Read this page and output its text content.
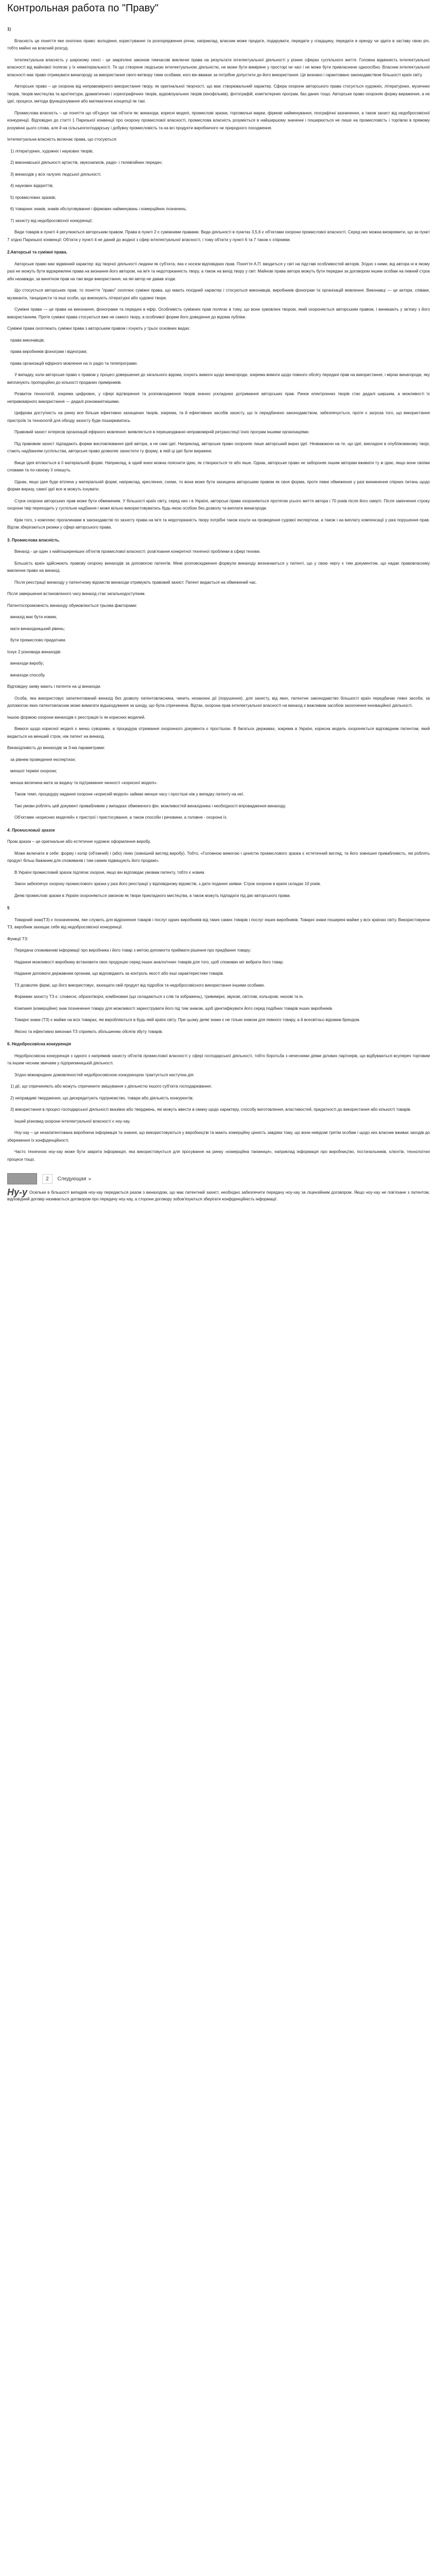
Контрольная работа по "Праву"

1)

Власність це поняття яке охоплює право: володіння, користування та розпорядження річчю, наприклад, власник може продати, подарувати, передати у спадщину, передати в оренду чи здати в заставу свою річ, тобто майно на власний розсуд.

Інтелектуальна власність у широкому сенсі - це закріплені законом тимчасові виключні права на результати інтелектуальної діяльності у різних сферах суспільного життя. Головна відмінність інтелектуальної власності від майнової полягає у їх нематеріальності. Те що створене людською інтелектуальною діяльністю, не може бути виміряне у просторі чи часі і не може бути привласнене одноосібно. Власник інтелектуальної власності має право отримувати винагороду за використання свого витвору тими особами, кого він вважає за потрібне допустити до його використання. Це визнано і гарантовано законодавством більшості країн світу.

Авторське право – це охорона від неправомірного використання твору, як оригінальної творчості, що має створювальний характер. Сфера охорони авторського права стосується художніх, літературних, музичних творів, творів мистецтва та архітектури, драматичних і хореографічних творів, аудіовізуальних творів (кінофільмів), фотографій, комп'ютерних програм, баз даних тощо. Авторське право охороняє форму вираження, а не ідеї, процеси, методи функціонування або математичні концепції як такі.

Промислова власність – це поняття що об'єднує такі об'єкти як: винаходи, корисні моделі, промислові зразки, торговельні марки, фірмові найменування, географічні зазначення, а також захист від недобросовісної конкуренції. Відповідно до статті 1 Паризької конвенції про охорону промислової власності, промислова власність розуміється в найширшому значенні і поширюється не лише на промисловість і торгівлю в прямому розумінні цього слова, але й на сільськогосподарську і добувну промисловість та на всі продукти виробничого чи природного походження.

Інтелектуальна власність включає права, що стосуються:

1) літературних, художніх і наукових творів;

2) виконавської діяльності артистів, звукозаписів, радіо- і телевізійних передач;

3) винаходів у всіх галузях людської діяльності;

4) наукових відкриттів;

5) промислових зразків;

6) товарних знаків, знаків обслуговування і фірмових найменувань і комерційних позначень;

7) захисту від недобросовісної конкуренції;

Види товарів в пункті 4 регулюються авторським правом. Права в пункті 2 є суміжними правами. Види діяльності в пунктах 3,5,6 є об'єктами охорони промислової власності. Серед них можна виокремити, що за пункт 7 згідно Паризької конвенції: Об'єкти у пункті 4 не даний до жодної з сфер інтелектуальної власності, і тому об'єкти у пункті 6 та 7 також є спірними.

2.Авторські та суміжні права.

Авторське право має відмінний характер: від творчої діяльності людини як суб'єкта, яка є носієм відповідних прав. Поняття А.П. вводиться у світ на підставі особливостей авторів. Згідно з ними, від автора ні в якому разі не можуть бути відокремлені права на визнання його автором, на ім'я та недоторканність твору, а також на вихід твору у світ. Майнові права автора можуть бути передані за договором іншим особам на певний строк або назавжди, за винятком прав на такі види використання, на які автор не давав згоди.

Що стосується авторських прав, то поняття "право" охоплює суміжні права, що мають похідний характер і стосуються виконавців, виробників фонограм та організацій мовлення. Виконавці — це актори, співаки, музиканти, танцюристи та інші особи, що виконують літературні або художні твори.

Суміжні права — це права на виконання, фонограми та передачі в ефір. Особливість суміжних прав полягає в тому, що вони зумовлені твором, який охороняється авторським правом, і виникають у зв'язку з його використанням. Проте суміжні права стосуються вже не самого твору, а особливої форми його доведення до відома публіки.

Суміжні права охоплюють суміжні права з авторським правом і існують у трьох основних видах:

права виконавців;

права виробників фонограм і відеограм;

права організацій ефірного мовлення на їх радіо та телепрограми.

У випадку, коли авторське право є правом у процесі довершення до загального відома, існують вимоги щодо винагороди, зокрема вимоги щодо повного обсягу передачі прав на використання, і мірою винагороди, яку виплачують пропорційно до кількості проданих примірників.

Розвиток технологій, зокрема цифрових, у сфері відтворення та розповсюдження творів значно ускладнює дотримання авторських прав. Ринок електронних творів стає дедалі ширшим, а можливості їх неправомірного використання — дедалі різноманітнішими.

Цифрова доступність на ринку все більше ефективно захищених творів, зокрема, та й ефективних засобів захисту, що їх передбачено законодавством, забезпечується, проте є загроза того, що використання пристроїв та технологій для обходу захисту буде поширюватись.

Правовий захист інтересів організацій ефірного мовлення: виявляється в перешкоджанні неправомірній ретрансляції їхніх програм іншими організаціями.

Під правовим захист підпадають форми висловлювання ідей автора, а не самі ідеї. Наприклад, авторське право охороняє лише авторський вираз ідеї. Незважаючи на те, що ідеї, викладені в опублікованому творі, стають надбанням суспільства, авторське право дозволяє захистити ту форму, в якій ці ідеї були виражені.

Вище ідея втілюється в її матеріальній формі. Наприклад, в одній книзі можна пояснити ідею, як створюється те або інше. Однак, авторське право не забороняє іншим авторам вживати ту ж ідею, якщо вони своїми словами та по-своєму її опишуть.

Однак, якщо ідея буде втілена у матеріальній формі, наприклад, креслення, схеми, то вона може бути захищена авторським правом як своя форма, проте певні обмеження у разі виникнення спірних питань щодо форми виразу, самої ідеї все ж можуть існувати.

Строк охорони авторських прав може бути обмеженим. У більшості країн світу, серед них і в Україні, авторські права охороняються протягом усього життя автора і 70 років після його смерті. Після закінчення строку охорони твір переходить у суспільне надбання і може вільно використовуватись будь-якою особою без дозволу та виплати винагороди.

Крім того, з комплекс прогалинами в законодавстві по захисту права на ім'я та недоторканість твору потрібні також кошти на проведення судової експертизи, а також і на виплату компенсації у разі порушення прав. Відтак зберігаються ризики у сфері авторського права.

3. Промислова власність.

Винахід - це один з найпоширеніших об'єктів промислової власності: розв'язання конкретної технічної проблеми в сфері техніки.

Більшість країн здійснюють правову охорону винаходів за допомогою патентів. Межі розповсюдження формули винаходу визначаються у патенті, що у свою чергу є тим документом, що надає правовласнику виключне право на винахід.

Після реєстрації винаходу у патентному відомстві винаходи отримують правовий захист. Патент видається на обмежений час.

Після завершення встановленого часу винахід стає загальнодоступним.

Патентоспроможність винаходу обумовлюється трьома факторами:

винахід має бути новим;

мати винахідницький рівень;

бути промислово придатним.

Існує 2 різновида винаходів:

винаходи виробу;

винаходи способу.

Відповідну заяву мають і патенти на ці винаходи.

Особа, яка використовує запатентований винахід без дозволу патентовласника, чинить незаконні дії (порушення), для захисту, від яких, патентне законодавство більшості країн передбачає певні засоби, за допомогою яких патентовласник може вимагати відшкодування за шкоду, що була спричинена. Відтак, охорона прав інтелектуальної власності на винахід є важливим засобом заохочення інноваційної діяльності.

Іншою формою охорони винаходів є реєстрація їх як корисних моделей.

Вимоги щодо корисної моделі є менш суворими, а процедура отримання охоронного документа є простішою. В багатьох державах, зокрема в Україні, корисна модель охороняється відповідним патентом, який видається на менший строк, ніж патент на винахід.

Винахідливість до винаходів за 3-ма параметрами:

за рівнем проведення експертизи;

меншої терміні охорони;

менша величина мита за видачу та підтримання чинності «корисної моделі».

Також темп, процедуру надання охорони «корисній моделі» займає менше часу і простіше ніж у випадку патенту на неї.

Такі умови роблять цей документ привабливим у випадках обмеженого фін. можливостей винахідника і необхідності впровадження винаходу.

Об'єктами «корисних моделей» є пристрої і пристосування, а також способи і речовини, а головне - охорона їх.

4. Промисловий зразок

Пром.зразок – це оригінальне або естетичне художнє оформлення виробу.

Може включати в себе: форму і колір (об'ємний) і (або) лінію (зовнішній вигляд виробу). Тобто, «Головною вимогою і цінністю промислового зразка є естетичний вигляд, та його зовнішня привабливість, які роблять продукт більш бажаним для споживачів і тим самим підвищують його продажі».

В Україні промисловий зразок підлягає охороні, якщо він відповідає умовам патенту, тобто є новим.

Закон забезпечує охорону промислового зразка у разі його реєстрації у відповідному відомстві, з дати подання заявки. Строк охорони в країні складає 10 років.

Деякі промислові зразки в Україні охороняються законом як твори прикладного мистецтва, а також можуть підпадати під дію авторського права.

5

Товарний знак(ТЗ) є позначенням, яке служить для відрізнення товарів і послуг одних виробників від таких самих товарів і послуг інших виробників. Товарні знаки поширені майже у всіх країнах світу. Використовуючи ТЗ, виробник захищає себе від недобросовісної конкуренції.

Функції ТЗ:

Передача споживачеві інформації про виробника і його товар з метою допомогти приймати рішення про придбання товару;

Надання можливості виробнику встановити своє продукцію серед інших аналогічних товарів для того, щоб споживач міг вибрати його товар.

Надання допомоги державним органам, що відповідають за контроль якості або інші характеристики товарів.

ТЗ дозволяє фірмі, що його використовує, захищати свій продукт від підробок та недобросовісного використання іншими особами.

Формами захисту ТЗ є: словесні, образотворчі, комбіновані (що складаються з слів та зображень), тривимірні, звукові, світлові, кольорові, нюхові та ін.

Компанія (комерційне) знак позначення товару для можливості зареєструвати його під тим знаком, щоб ідентифікувати його серед подібних товарів інших виробників.

Товарні знаки (ТЗ) є майже на всіх товарах, які виробляються в будь-якій країні світу. При цьому деякі знаки є не тільки знаком для певного товару, а й всесвітньо відомим брендом.

Якісно та ефективно виконані ТЗ сприяють збільшенню обсягів збуту товарів.

6. Недобросовісна конкуренція

Недобросовісна конкуренція з одного з напрямків захисту об'єктів промислової власності у сфері господарської діяльності, тобто боротьба з нечесними діями ділових партнерів, що відбуваються всупереч торговим та іншим чесним звичаям у підприємницькій діяльності.

Згідно міжнародних домовленостей недобросовісною конкуренцією трактується наступна дія:

1) дії, що спричиняють або можуть спричинити змішування з діяльністю іншого суб'єкта господарювання;

2) неправдиві твердження, що дискредитують підприємство, товари або діяльність конкурентів;

3) використання в процесі господарської діяльності вказівок або тверджень, які можуть ввести в оману щодо характеру, способу виготовлення, властивостей, придатності до використання або кількості товарів.

Інший різновид охорони інтелектуальної власності є ноу-хау.

Ноу-хау – це незапатентована виробнича інформація та знання, що використовуються у виробництві та мають комерційну цінність завдяки тому, що вони невідомі третім особам і щодо них власник вживає заходів до збереження їх конфіденційності.

Часто технічною ноу-хау може бути закрита інформація, яка використовується для просування на ринку «комерційна таємниця», наприклад інформація про виробництво, постачальників, клієнтів, технологічні процеси тощо.

2	Следующая »
Ну-у Оскільки в більшості випадків ноу-хау передається разом з винаходом, що має патентний захист, необхідно забезпечити передачу ноу-хау за ліцензійним договором. Якщо ноу-хау не пов'язане з патентом, відповідний договір називається договором про передачу ноу-хау, а сторони договору зобов'язуються зберігати конфіденційність інформації.
